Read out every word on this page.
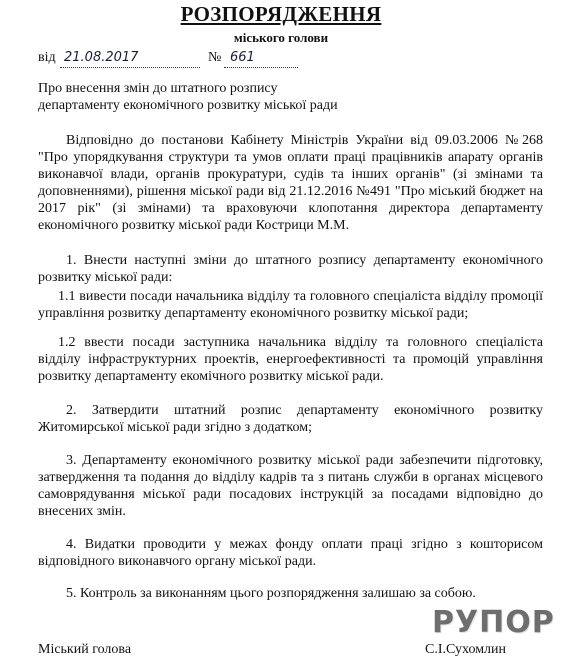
РОЗПОРЯДЖЕННЯ
міського голови
від 21.08.2017	№ 661
Про внесення змін до штатного розпису
департаменту економічного розвитку міської ради

Відповідно до постанови Кабінету Міністрів України від 09.03.2006 №268 "Про упорядкування структури та умов оплати праці працівників апарату органів виконавчої влади, органів прокуратури, судів та інших органів" (зі змінами та доповненнями), рішення міської ради від 21.12.2016 №491 "Про міський бюджет на 2017 рік" (зі змінами) та враховуючи клопотання директора департаменту економічного розвитку міської ради Кострици М.М.

1. Внести наступні зміни до штатного розпису департаменту економічного розвитку міської ради:

1.1 вивести посади начальника відділу та головного спеціаліста відділу промоції управління розвитку департаменту економічного розвитку міської ради;

1.2 ввести посади заступника начальника відділу та головного спеціаліста відділу інфраструктурних проектів, енергоефективності та промоцій управління розвитку департаменту екомічного розвитку міської ради.

2. Затвердити штатний розпис департаменту економічного розвитку Житомирської міської ради згідно з додатком;

3. Департаменту економічного розвитку міської ради забезпечити підготовку, затвердження та подання до відділу кадрів та з питань служби в органах місцевого самоврядування міської ради посадових інструкцій за посадами відповідно до внесених змін.

4. Видатки проводити у межах фонду оплати праці згідно з кошторисом відповідного виконавчого органу міської ради.

5. Контроль за виконанням цього розпорядження залишаю за собою.

Міський голова	С.І.Сухомлин
РУПОР
